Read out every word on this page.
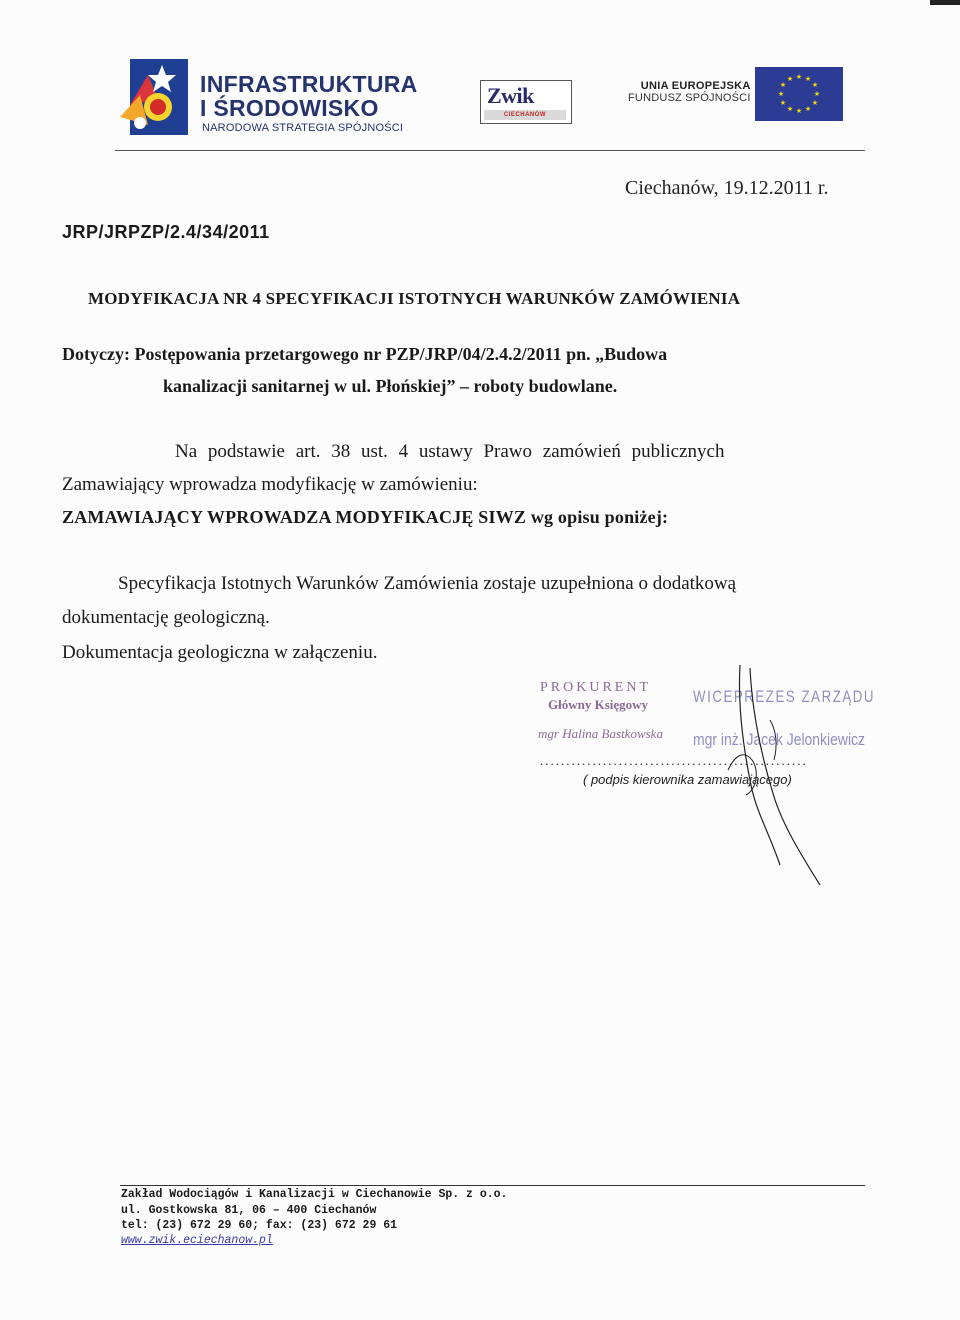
INFRASTRUKTURA
I ŚRODOWISKO
NARODOWA STRATEGIA SPÓJNOŚCI
Zwik
CIECHANÓW
UNIA EUROPEJSKA
FUNDUSZ SPÓJNOŚCI
★ ★
★
★
★
★
★
★
★
★
★
★
Ciechanów, 19.12.2011 r.
JRP/JRPZP/2.4/34/2011
MODYFIKACJA NR 4 SPECYFIKACJI ISTOTNYCH WARUNKÓW ZAMÓWIENIA
Dotyczy: Postępowania przetargowego nr PZP/JRP/04/2.4.2/2011 pn. „Budowa
kanalizacji sanitarnej w ul. Płońskiej” – roboty budowlane.
Na podstawie art. 38 ust. 4 ustawy Prawo zamówień publicznych
Zamawiający wprowadza modyfikację w zamówieniu:
ZAMAWIAJĄCY WPROWADZA MODYFIKACJĘ SIWZ wg opisu poniżej:
Specyfikacja Istotnych Warunków Zamówienia zostaje uzupełniona o dodatkową
dokumentację geologiczną.
Dokumentacja geologiczna w załączeniu.
PROKURENT
Główny Księgowy
mgr Halina Bastkowska
WICEPREZES ZARZĄDU
mgr inż. Jacek Jelonkiewicz
...................................................
( podpis kierownika zamawiającego)
Zakład Wodociągów i Kanalizacji w Ciechanowie Sp. z o.o.
ul. Gostkowska 81, 06 – 400 Ciechanów
tel: (23) 672 29 60; fax: (23) 672 29 61
www.zwik.eciechanow.pl
